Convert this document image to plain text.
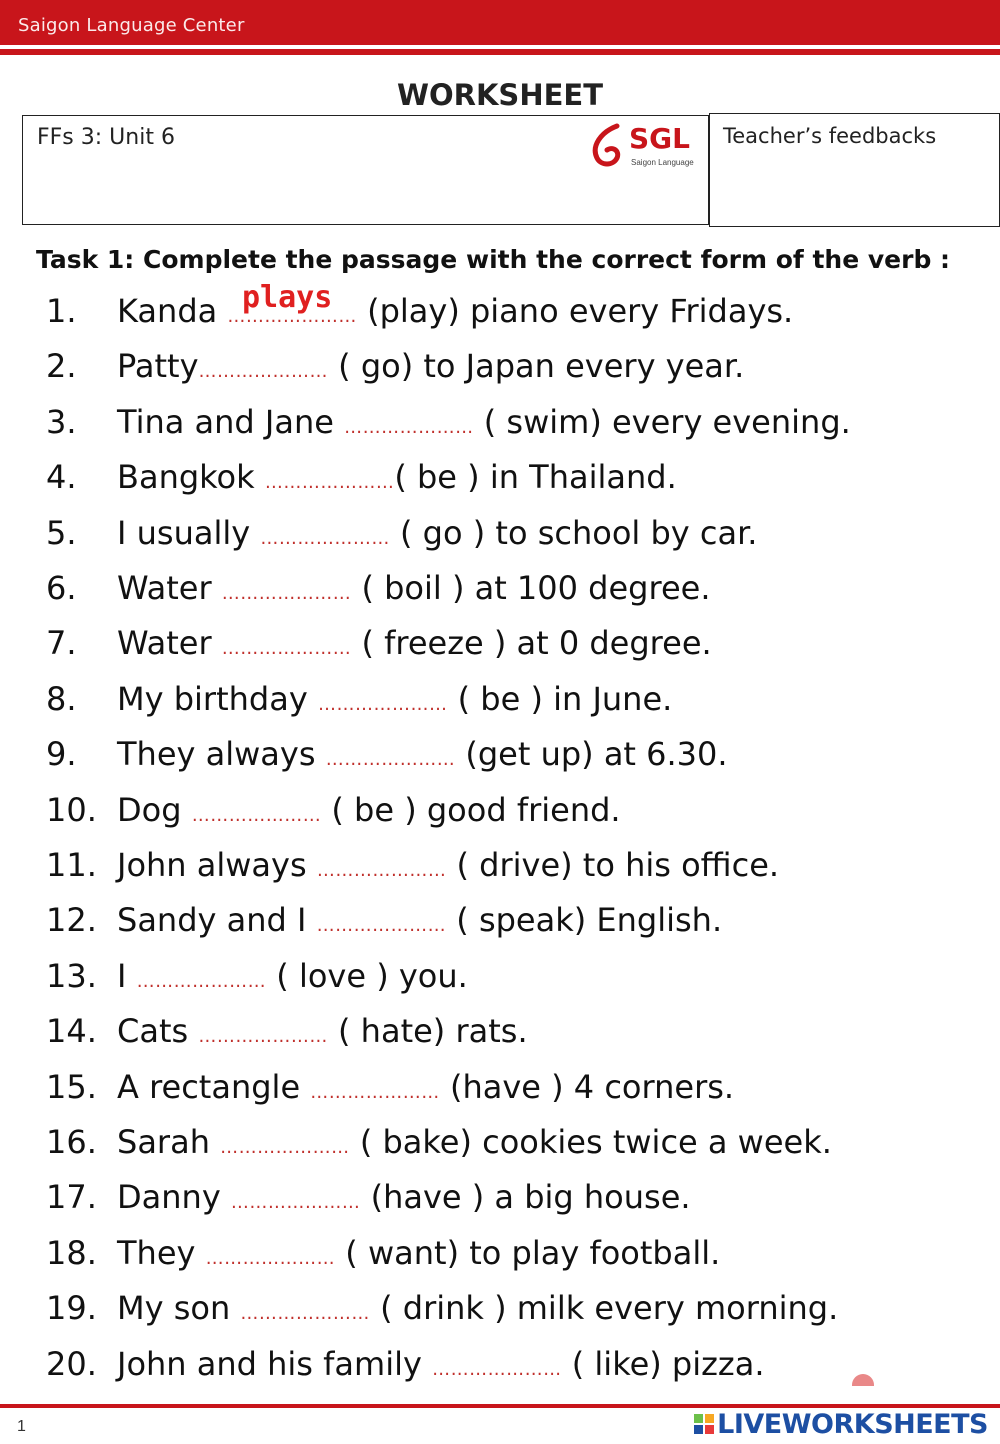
Saigon Language Center
WORKSHEET
FFs 3: Unit 6	SGL
Saigon Language
Teacher’s feedbacks
Task 1: Complete the passage with the correct form of the verb :
1. Kanda ………………… (play) piano every Fridays.
2. Patty………………… ( go) to Japan every year.
3. Tina and Jane ………………… ( swim) every evening.
4. Bangkok …………………( be ) in Thailand.
5. I usually ………………… ( go ) to school by car.
6. Water ………………… ( boil ) at 100 degree.
7. Water ………………… ( freeze ) at 0 degree.
8. My birthday ………………… ( be ) in June.
9. They always ………………… (get up) at 6.30.
10. Dog ………………… ( be ) good friend.
11. John always ………………… ( drive) to his office.
12. Sandy and I ………………… ( speak) English.
13. I ………………… ( love ) you.
14. Cats ………………… ( hate) rats.
15. A rectangle ………………… (have ) 4 corners.
16. Sarah ………………… ( bake) cookies twice a week.
17. Danny ………………… (have ) a big house.
18. They ………………… ( want) to play football.
19. My son ………………… ( drink ) milk every morning.
20. John and his family ………………… ( like) pizza.
plays
1	LIVEWORKSHEETS
